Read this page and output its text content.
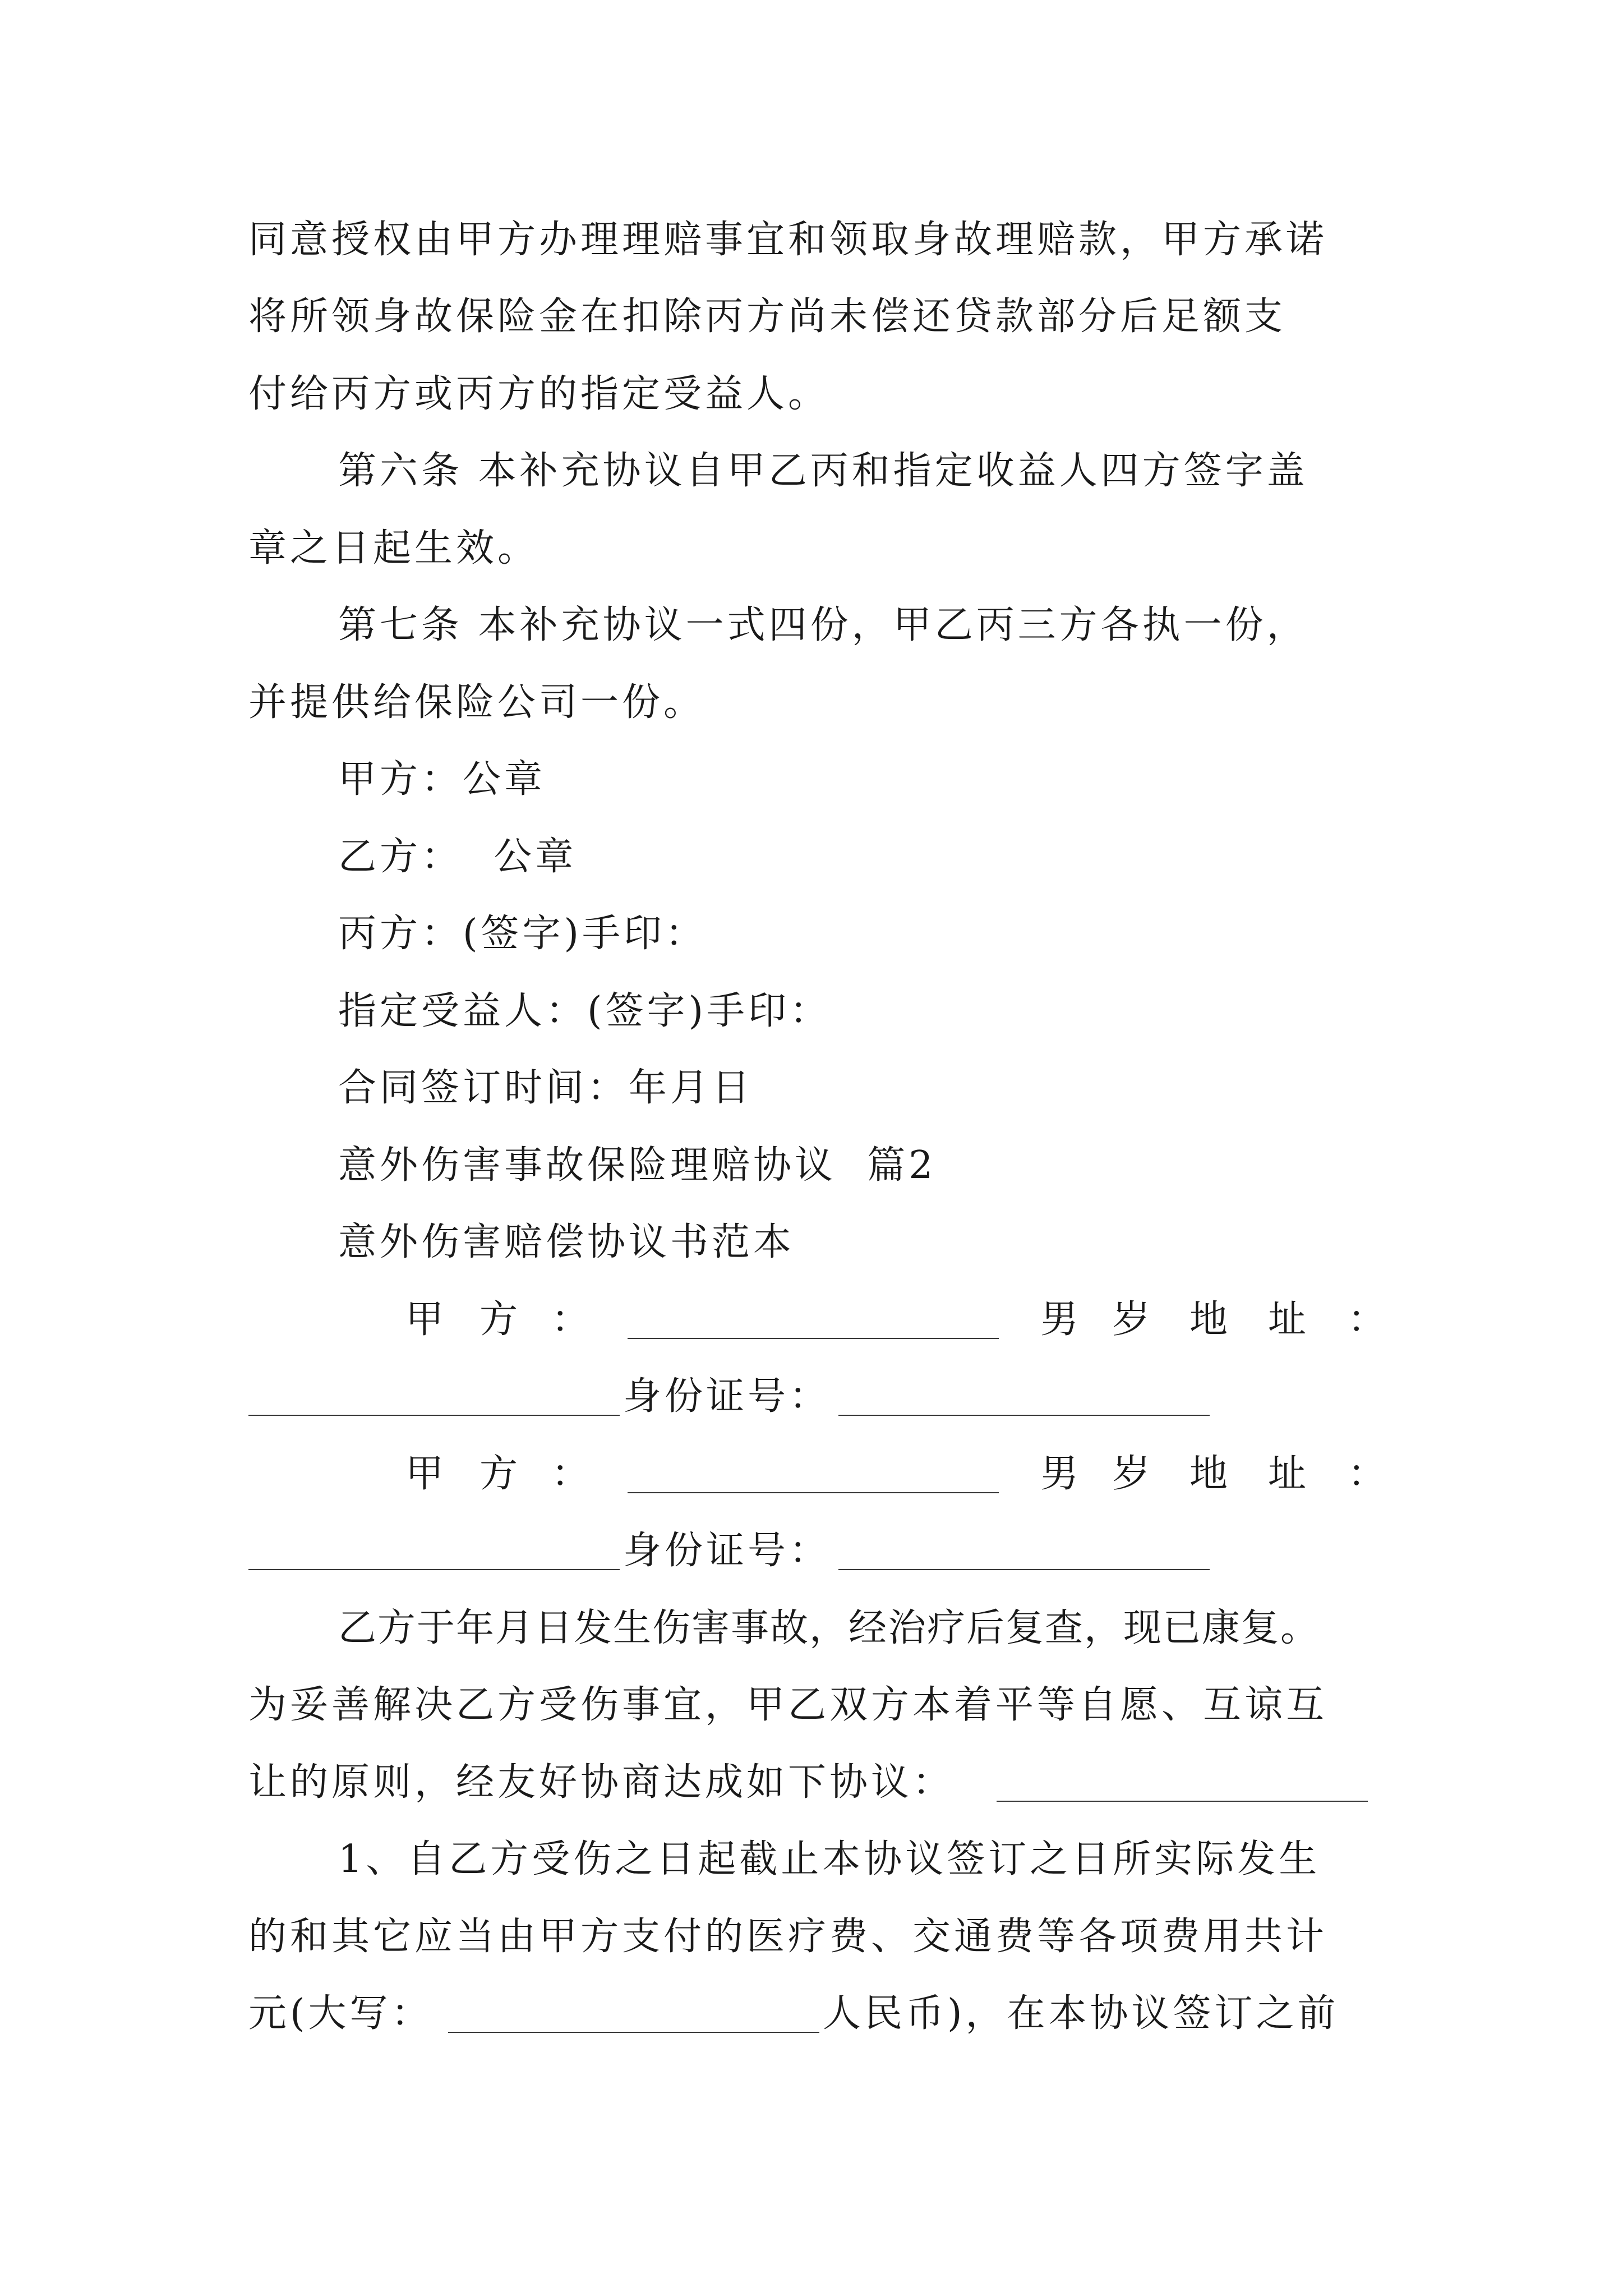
同意授权由甲方办理理赔事宜和领取身故理赔款，甲方承诺
将所领身故保险金在扣除丙方尚未偿还贷款部分后足额支
付给丙方或丙方的指定受益人。
第六条 本补充协议自甲乙丙和指定收益人四方签字盖
章之日起生效。
第七条 本补充协议一式四份，甲乙丙三方各执一份，
并提供给保险公司一份。
甲方：公章
乙方：  公章
丙方：(签字)手印：
指定受益人：(签字)手印：
合同签订时间：年月日
意外伤害事故保险理赔协议  篇2
意外伤害赔偿协议书范本
甲 方 ：	男 岁 地 址 ：
身份证号：
甲 方 ：	男 岁 地 址 ：
身份证号：
乙方于年月日发生伤害事故，经治疗后复查，现已康复。
为妥善解决乙方受伤事宜，甲乙双方本着平等自愿、互谅互
让的原则，经友好协商达成如下协议：
1、自乙方受伤之日起截止本协议签订之日所实际发生
的和其它应当由甲方支付的医疗费、交通费等各项费用共计
元(大写：	人民币)，在本协议签订之前
